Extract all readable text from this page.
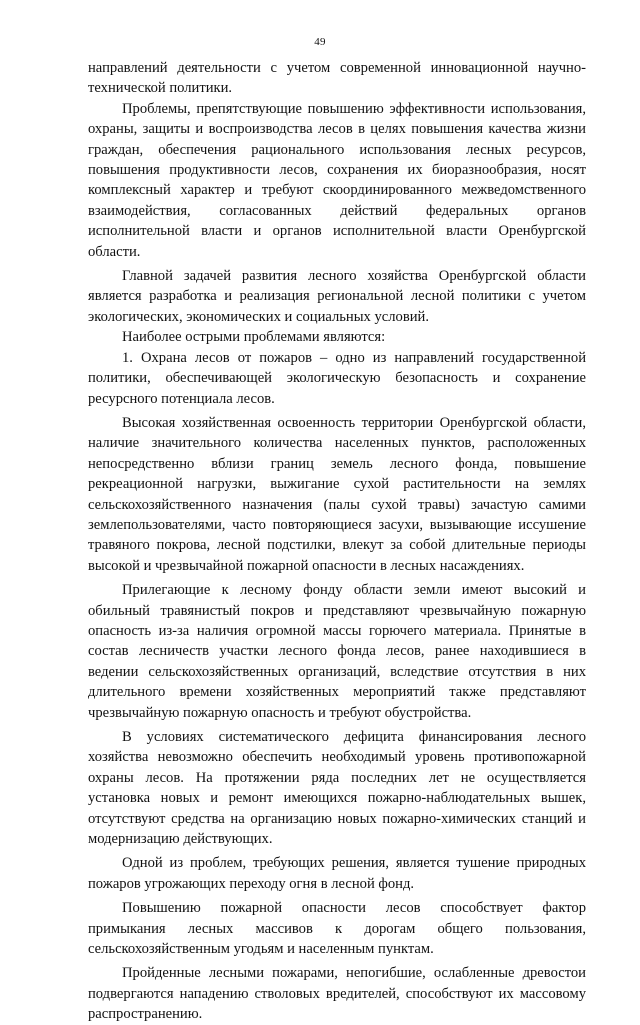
49

направлений деятельности с учетом современной инновационной научно-технической политики.

Проблемы, препятствующие повышению эффективности использования, охраны, защиты и воспроизводства лесов в целях повышения качества жизни граждан, обеспечения рационального использования лесных ресурсов, повышения продуктивности лесов, сохранения их биоразнообразия, носят комплексный характер и требуют скоординированного межведомственного взаимодействия, согласованных действий федеральных органов исполнительной власти и органов исполнительной власти Оренбургской области.

Главной задачей развития лесного хозяйства Оренбургской области является разработка и реализация региональной лесной политики с учетом экологических, экономических и социальных условий.

Наиболее острыми проблемами являются:

1. Охрана лесов от пожаров – одно из направлений государственной политики, обеспечивающей экологическую безопасность и сохранение ресурсного потенциала лесов.

Высокая хозяйственная освоенность территории Оренбургской области, наличие значительного количества населенных пунктов, расположенных непосредственно вблизи границ земель лесного фонда, повышение рекреационной нагрузки, выжигание сухой растительности на землях сельскохозяйственного назначения (палы сухой травы) зачастую самими землепользователями, часто повторяющиеся засухи, вызывающие иссушение травяного покрова, лесной подстилки, влекут за собой длительные периоды высокой и чрезвычайной пожарной опасности в лесных насаждениях.

Прилегающие к лесному фонду области земли имеют высокий и обильный травянистый покров и представляют чрезвычайную пожарную опасность из-за наличия огромной массы горючего материала. Принятые в состав лесничеств участки лесного фонда лесов, ранее находившиеся в ведении сельскохозяйственных организаций, вследствие отсутствия в них длительного времени хозяйственных мероприятий также представляют чрезвычайную пожарную опасность и требуют обустройства.

В условиях систематического дефицита финансирования лесного хозяйства невозможно обеспечить необходимый уровень противопожарной охраны лесов. На протяжении ряда последних лет не осуществляется установка новых и ремонт имеющихся пожарно-наблюдательных вышек, отсутствуют средства на организацию новых пожарно-химических станций и модернизацию действующих.

Одной из проблем, требующих решения, является тушение природных пожаров угрожающих переходу огня в лесной фонд.

Повышению пожарной опасности лесов способствует фактор примыкания лесных массивов к дорогам общего пользования, сельскохозяйственным угодьям и населенным пунктам.

Пройденные лесными пожарами, непогибшие, ослабленные древостои подвергаются нападению стволовых вредителей, способствуют их массовому распространению.
